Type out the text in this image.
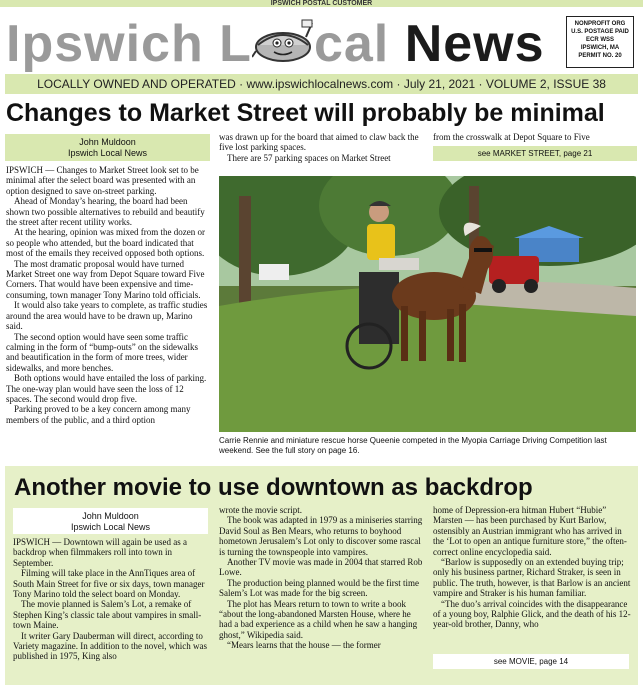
IPSWICH POSTAL CUSTOMER
Ipswich L cal News	NONPROFIT ORG
U.S. POSTAGE PAID
ECR WSS
IPSWICH, MA
PERMIT NO. 20
LOCALLY OWNED AND OPERATED · www.ipswichlocalnews.com · July 21, 2021 · VOLUME 2, ISSUE 38
Changes to Market Street will probably be minimal
John Muldoon
Ipswich Local News

IPSWICH — Changes to Market Street look set to be minimal after the select board was presented with an option designed to save on-street parking.

Ahead of Monday’s hearing, the board had been shown two possible alternatives to rebuild and beautify the street after recent utility works.

At the hearing, opinion was mixed from the dozen or so people who attended, but the board indicated that most of the emails they received opposed both options.

The most dramatic proposal would have turned Market Street one way from Depot Square toward Five Corners. That would have been expensive and time-consuming, town manager Tony Marino told officials.

It would also take years to complete, as traffic studies around the area would have to be drawn up, Marino said.

The second option would have seen some traffic calming in the form of “bump-outs” on the sidewalks and beautification in the form of more trees, wider sidewalks, and more benches.

Both options would have entailed the loss of parking. The one-way plan would have seen the loss of 12 spaces. The second would drop five.

Parking proved to be a key concern among many members of the public, and a third option

was drawn up for the board that aimed to claw back the five lost parking spaces.

There are 57 parking spaces on Market Street

from the crosswalk at Depot Square to Five

see MARKET STREET, page 21
Carrie Rennie and miniature rescue horse Queenie competed in the Myopia Carriage Driving Competition last weekend. See the full story on page 16.
Another movie to use downtown as backdrop
John Muldoon
Ipswich Local News

IPSWICH — Downtown will again be used as a backdrop when filmmakers roll into town in September.

Filming will take place in the AnnTiques area of South Main Street for five or six days, town manager Tony Marino told the select board on Monday.

The movie planned is Salem’s Lot, a remake of Stephen King’s classic tale about vampires in small-town Maine.

It writer Gary Dauberman will direct, according to Variety magazine. In addition to the novel, which was published in 1975, King also

wrote the movie script.

The book was adapted in 1979 as a miniseries starring David Soul as Ben Mears, who returns to boyhood hometown Jerusalem’s Lot only to discover some rascal is turning the townspeople into vampires.

Another TV movie was made in 2004 that starred Rob Lowe.

The production being planned would be the first time Salem’s Lot was made for the big screen.

The plot has Mears return to town to write a book “about the long-abandoned Marsten House, where he had a bad experience as a child when he saw a hanging ghost,” Wikipedia said.

“Mears learns that the house — the former

home of Depression-era hitman Hubert “Hubie” Marsten — has been purchased by Kurt Barlow, ostensibly an Austrian immigrant who has arrived in the ‘Lot to open an antique furniture store,” the often-correct online encyclopedia said.

“Barlow is supposedly on an extended buying trip; only his business partner, Richard Straker, is seen in public. The truth, however, is that Barlow is an ancient vampire and Straker is his human familiar.

“The duo’s arrival coincides with the disappearance of a young boy, Ralphie Glick, and the death of his 12-year-old brother, Danny, who

see MOVIE, page 14
